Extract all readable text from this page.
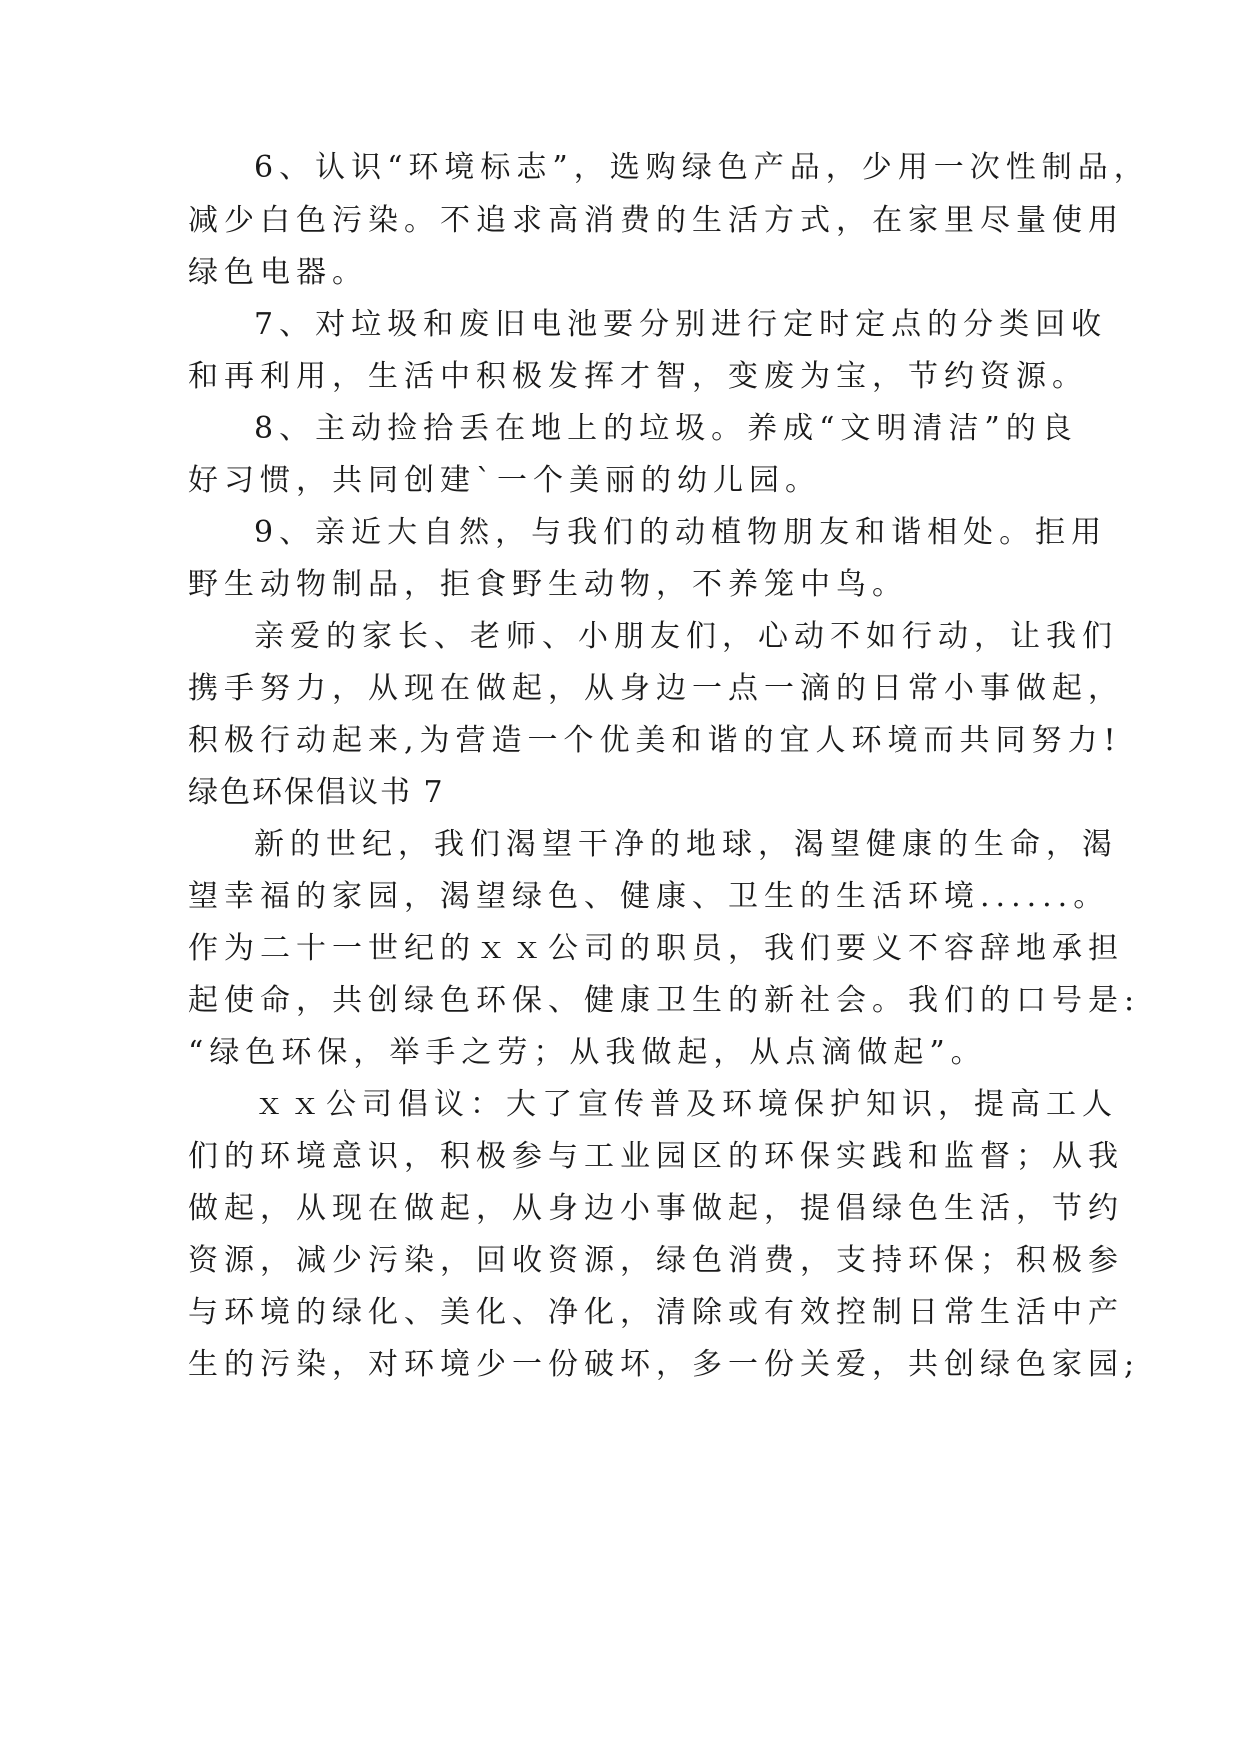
6、认识“环境标志”，选购绿色产品，少用一次性制品，
减少白色污染。不追求高消费的生活方式，在家里尽量使用
绿色电器。
7、对垃圾和废旧电池要分别进行定时定点的分类回收
和再利用，生活中积极发挥才智，变废为宝，节约资源。
8、主动捡拾丢在地上的垃圾。养成“文明清洁”的良
好习惯，共同创建`一个美丽的幼儿园。
9、亲近大自然，与我们的动植物朋友和谐相处。拒用
野生动物制品，拒食野生动物，不养笼中鸟。
亲爱的家长、老师、小朋友们，心动不如行动，让我们
携手努力，从现在做起，从身边一点一滴的日常小事做起，
积极行动起来,为营造一个优美和谐的宜人环境而共同努力!
绿色环保倡议书 7
新的世纪，我们渴望干净的地球，渴望健康的生命，渴
望幸福的家园，渴望绿色、健康、卫生的生活环境......。
作为二十一世纪的ｘｘ公司的职员，我们要义不容辞地承担
起使命，共创绿色环保、健康卫生的新社会。我们的口号是:
“绿色环保，举手之劳；从我做起，从点滴做起”。
ｘｘ公司倡议：大了宣传普及环境保护知识，提高工人
们的环境意识，积极参与工业园区的环保实践和监督；从我
做起，从现在做起，从身边小事做起，提倡绿色生活，节约
资源，减少污染，回收资源，绿色消费，支持环保；积极参
与环境的绿化、美化、净化，清除或有效控制日常生活中产
生的污染，对环境少一份破坏，多一份关爱，共创绿色家园;
